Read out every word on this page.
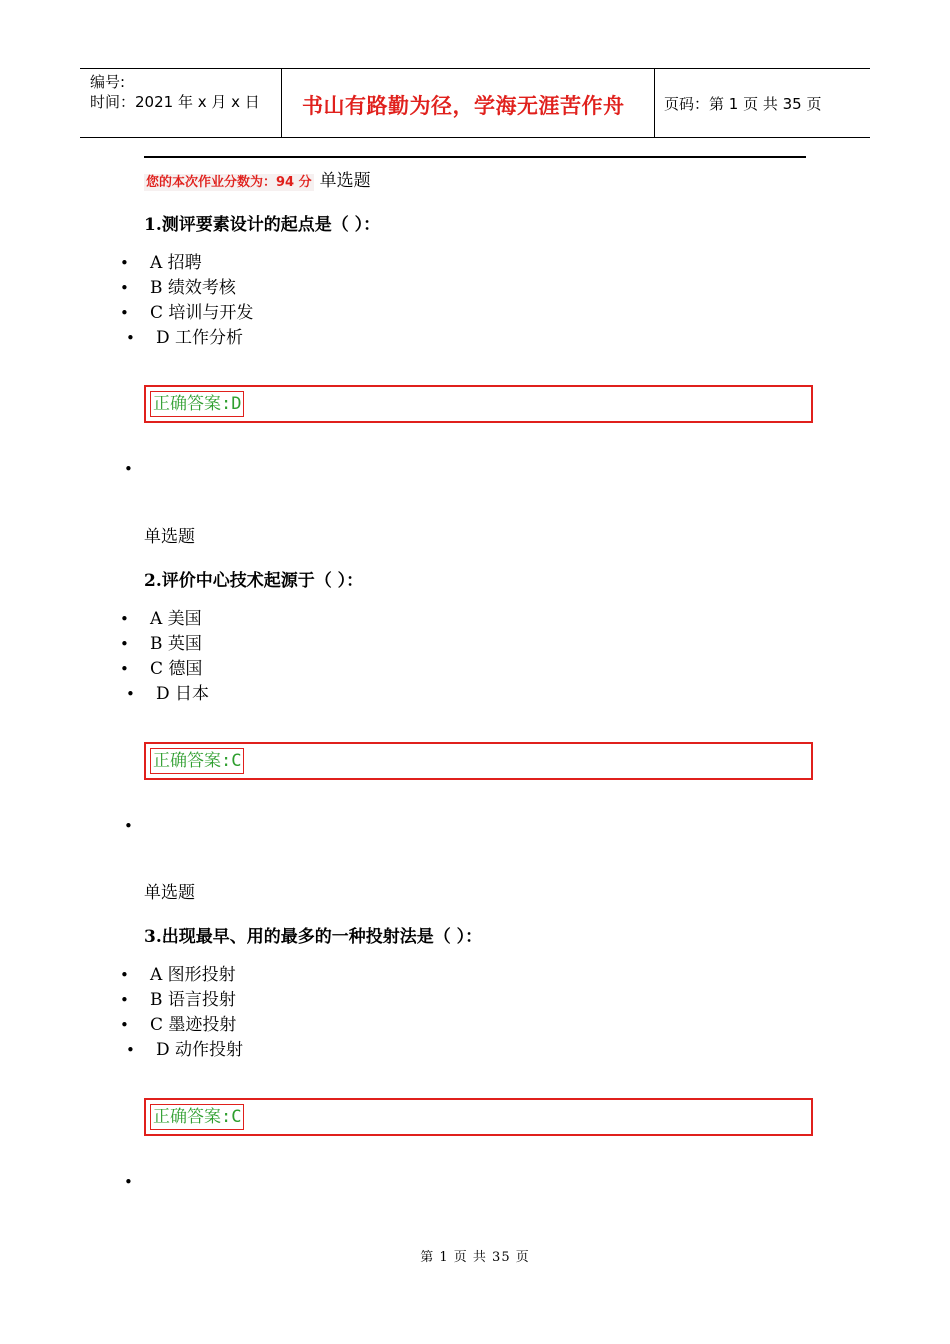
编号:
时间：2021 年 x 月 x 日 书山有路勤为径，学海无涯苦作舟	页码：第 1 页 共 35 页
您的本次作业分数为：94 分 单选题
1.测评要素设计的起点是（ ）：
• A 招聘
• B 绩效考核
• C 培训与开发
• D 工作分析
正确答案:D
•
单选题
2.评价中心技术起源于（ ）：
• A 美国
• B 英国
• C 德国
• D 日本
正确答案:C
•
单选题
3.出现最早、用的最多的一种投射法是（ ）：
• A 图形投射
• B 语言投射
• C 墨迹投射
• D 动作投射
正确答案:C
•
第 1 页 共 35 页
